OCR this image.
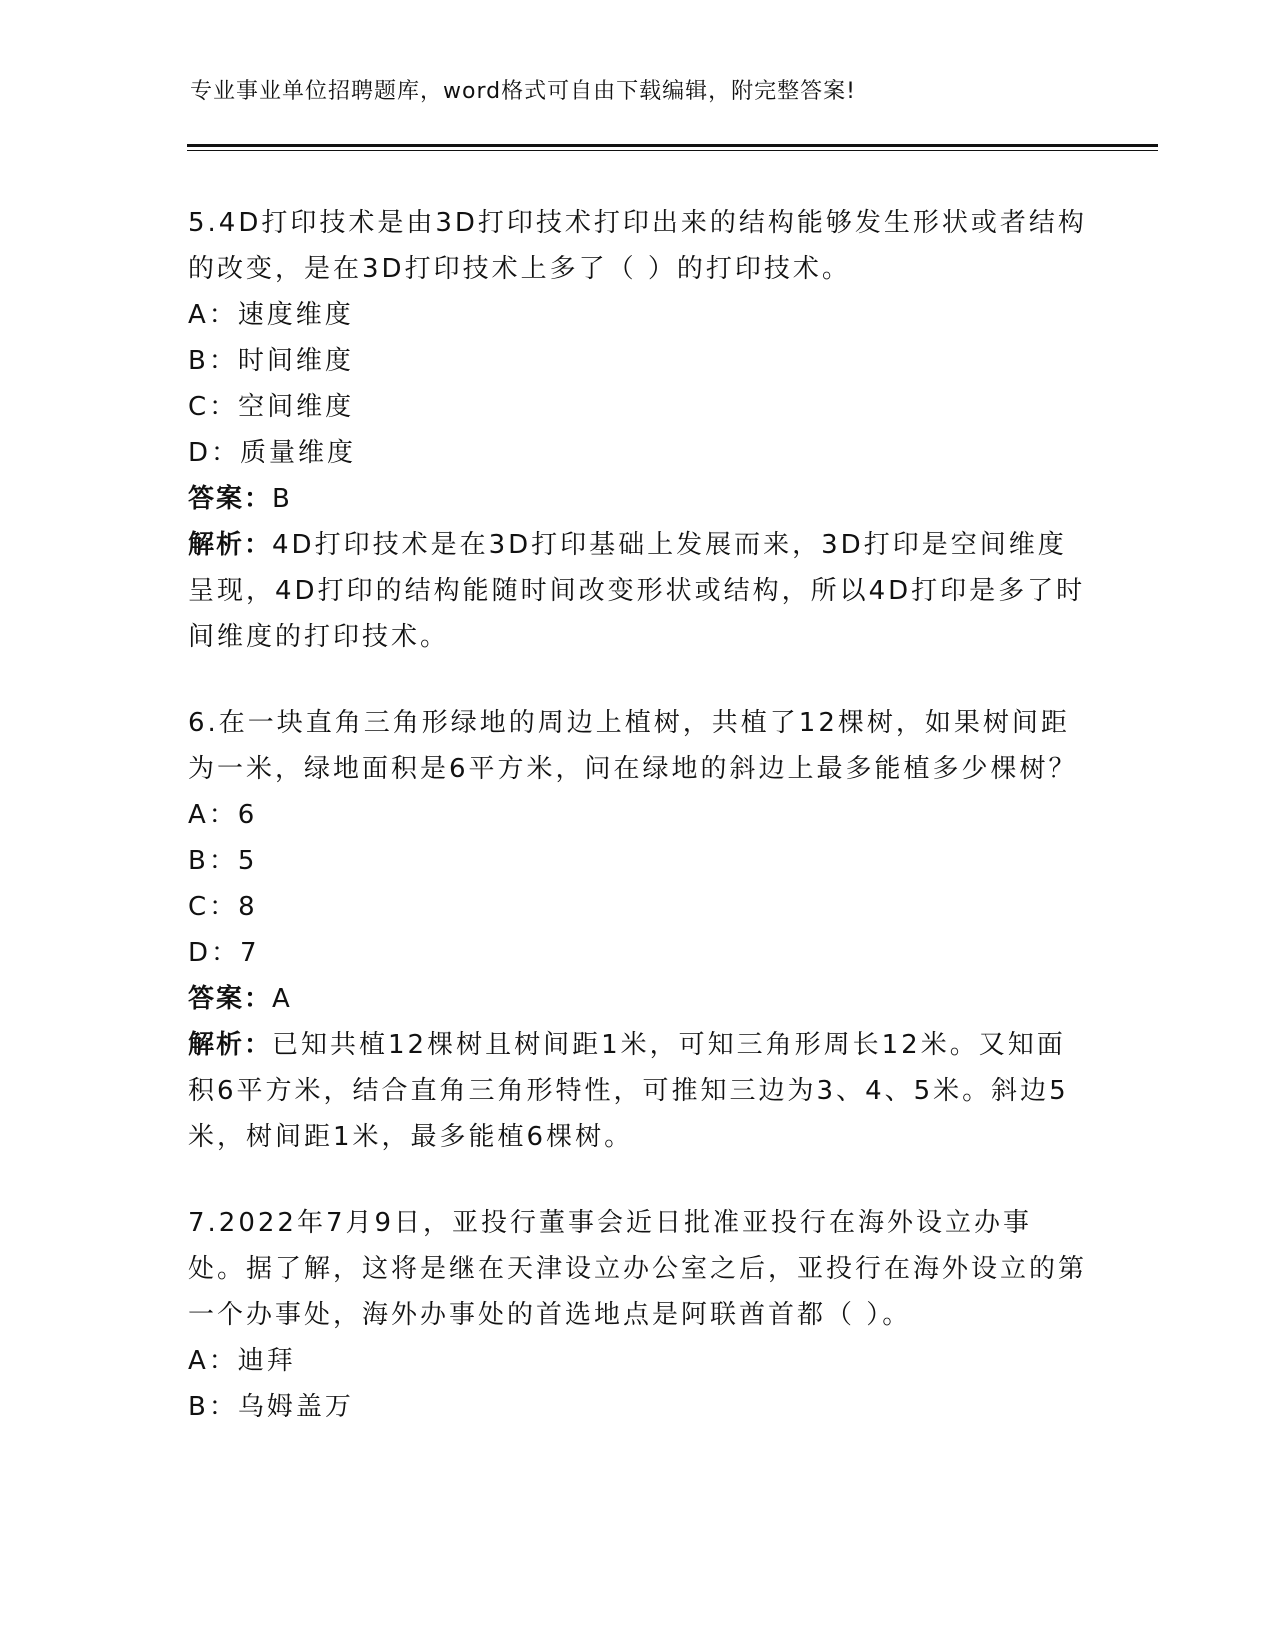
专业事业单位招聘题库，word格式可自由下载编辑，附完整答案!

5.4D打印技术是由3D打印技术打印出来的结构能够发生形状或者结构的改变，是在3D打印技术上多了（ ）的打印技术。

A：速度维度

B：时间维度

C：空间维度

D：质量维度

答案：B

解析：4D打印技术是在3D打印基础上发展而来，3D打印是空间维度呈现，4D打印的结构能随时间改变形状或结构，所以4D打印是多了时间维度的打印技术。

6.在一块直角三角形绿地的周边上植树，共植了12棵树，如果树间距为一米，绿地面积是6平方米，问在绿地的斜边上最多能植多少棵树？

A：6

B：5

C：8

D：7

答案：A

解析：已知共植12棵树且树间距1米，可知三角形周长12米。又知面积6平方米，结合直角三角形特性，可推知三边为3、4、5米。斜边5米，树间距1米，最多能植6棵树。

7.2022年7月9日，亚投行董事会近日批准亚投行在海外设立办事处。据了解，这将是继在天津设立办公室之后，亚投行在海外设立的第一个办事处，海外办事处的首选地点是阿联酋首都（ ）。

A：迪拜

B：乌姆盖万
